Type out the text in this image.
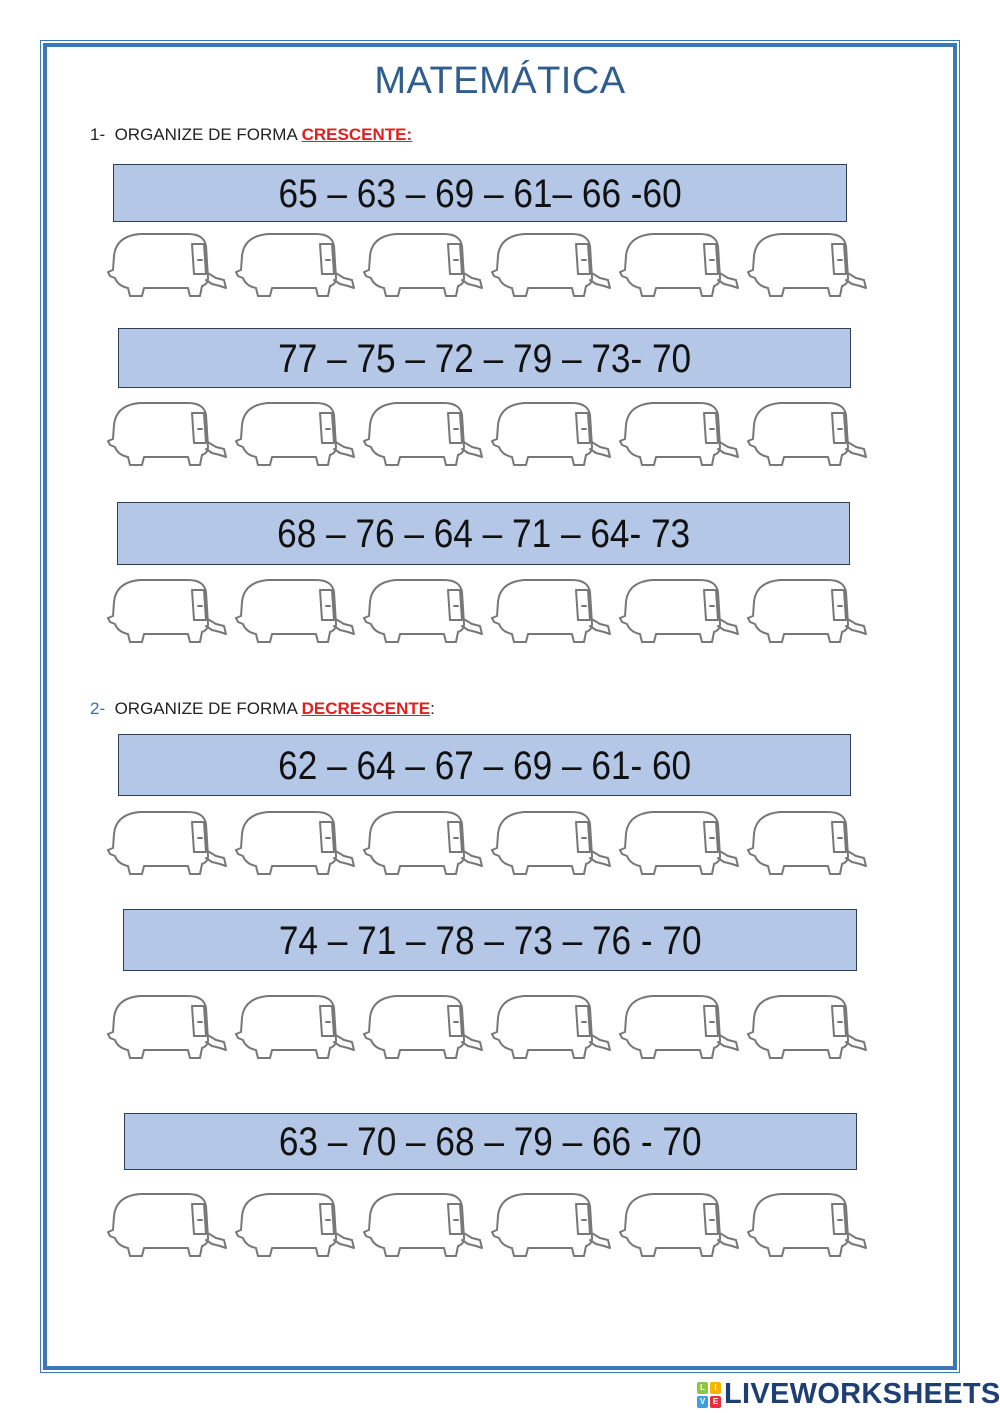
MATEMÁTICA
1- ORGANIZE DE FORMA CRESCENTE:
65 – 63 – 69 – 61– 66 -60
77 – 75 – 72 – 79 – 73- 70
68 – 76 – 64 – 71 – 64- 73
2- ORGANIZE DE FORMA DECRESCENTE:
62 – 64 – 67 – 69 – 61- 60
74 – 71 – 78 – 73 – 76 - 70
63 – 70 – 68 – 79 – 66 - 70
L	I
V E LIVEWORKSHEETS
